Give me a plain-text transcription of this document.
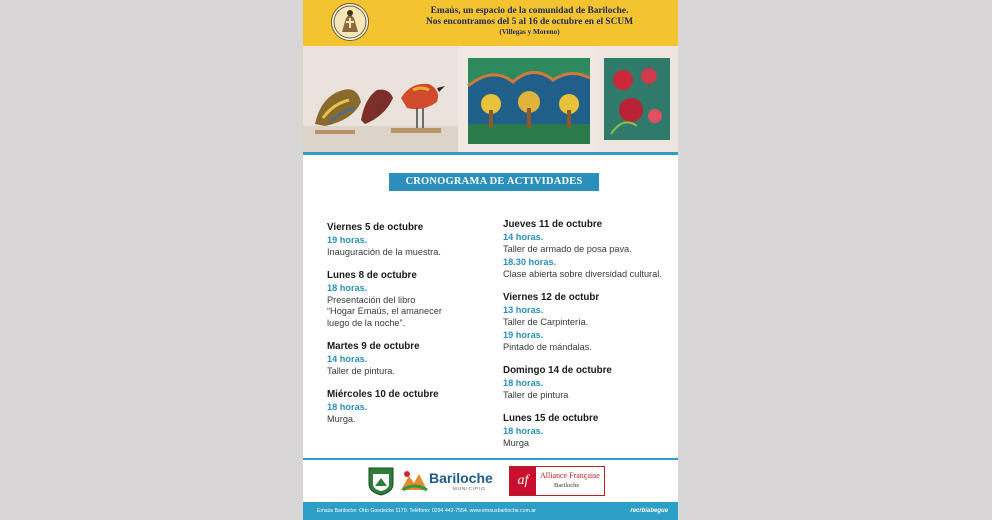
Emaús, un espacio de la comunidad de Bariloche.
Nos encontramos del 5 al 16 de octubre en el SCUM
(Villegas y Moreno)
CRONOGRAMA DE ACTIVIDADES
Viernes 5 de octubre
19 horas.
Inauguración de la muestra.
Lunes 8 de octubre
18 horas.
Presentación del libro
“Hogar Emaús, el amanecer
luego de la noche”.
Martes 9 de octubre
14 horas.
Taller de pintura.
Miércoles 10 de octubre
18 horas.
Murga.
Jueves 11 de octubre
14 horas.
Taller de armado de posa pava.
18.30 horas.
Clase abierta sobre diversidad cultural.
Viernes 12 de octubr
13 horas.
Taller de Carpintería.
19 horas.
Pintado de mándalas.
Domingo 14 de octubre
18 horas.
Taller de pintura
Lunes 15 de octubre
18 horas.
Murga
Bariloche
MUNICIPIO
af	Alliance Française
Bariloche
Emaús Bariloche: Otto Goedecke 1170. Teléfono: 0294 442-7554. www.emausbariloche.com.ar	recrbiabegue
